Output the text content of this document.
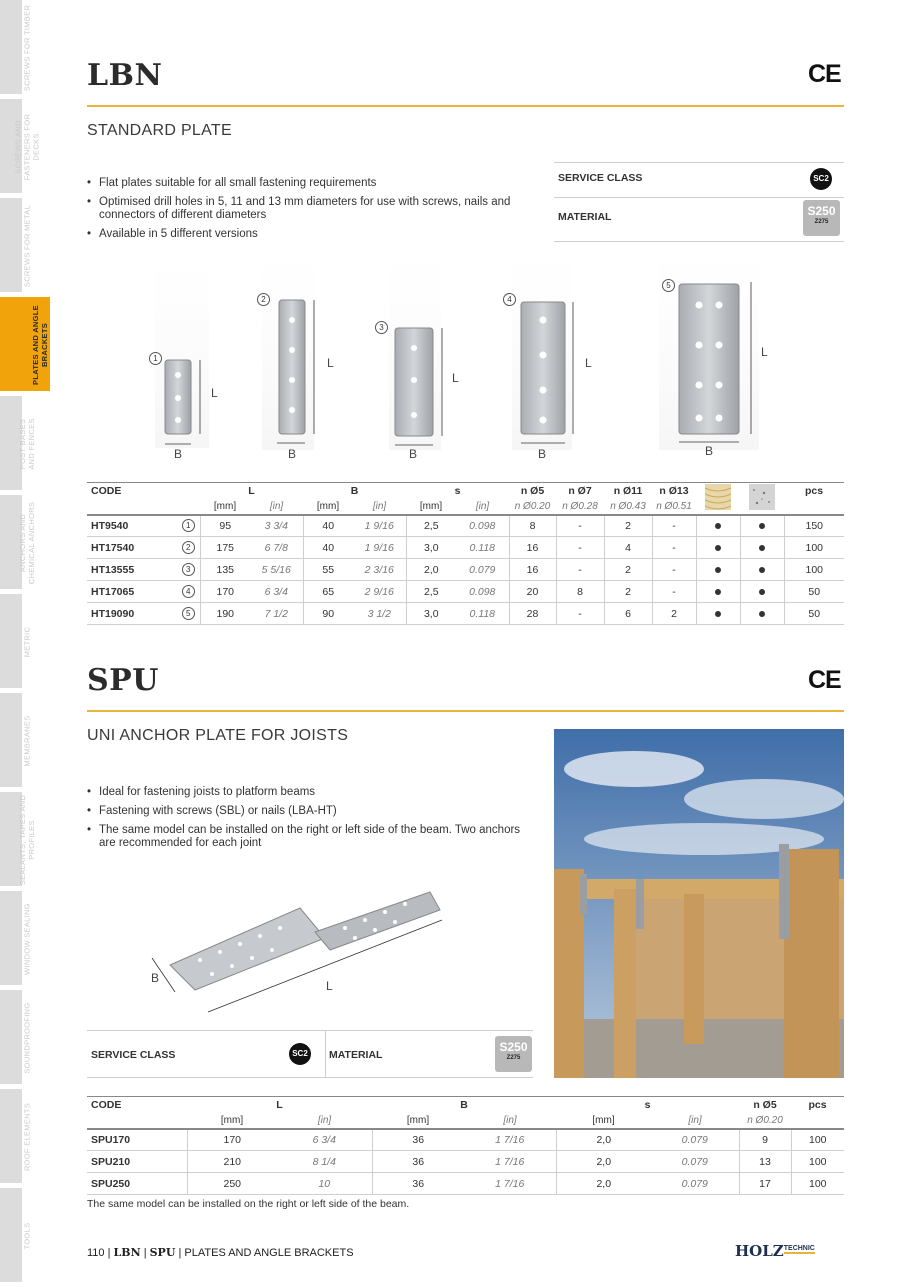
SCREWS FOR TIMBER
SCREWS AND
FASTENERS FOR DECKS
SCREWS FOR METAL
PLATES AND ANGLE
BRACKETS
POST BASES
AND FENCES
ANCHORS AND
CHEMICAL ANCHORS
METRIC
MEMBRANES
SEALANTS, TAPES AND
PROFILES
WINDOW SEALING
SOUNDPROOFING
ROOF ELEMENTS
TOOLS
LBN	CE
STANDARD PLATE
• Flat plates suitable for all small fastening requirements
• Optimised drill holes in 5, 11 and 13 mm diameters for use with screws, nails and connectors of different diameters
• Available in 5 different versions
SERVICE CLASS	SC2
MATERIAL	S250
Z275
1
L
B
2
L
B
3
L
B
4
L
B
5
L
B
CODE		L		B		s		n Ø5	n Ø7	n Ø11	n Ø13			pcs
		[mm]	[in]	[mm]	[in]	[mm]	[in]	n Ø0.20	n Ø0.28	n Ø0.43	n Ø0.51			
HT9540	1	95	3 3/4	40	1 9/16	2,5	0.098	8	-	2	-			150
HT17540	2	175	6 7/8	40	1 9/16	3,0	0.118	16	-	4	-			100
HT13555	3	135	5 5/16	55	2 3/16	2,0	0.079	16	-	2	-			100
HT17065	4	170	6 3/4	65	2 9/16	2,5	0.098	20	8	2	-			50
HT19090	5	190	7 1/2	90	3 1/2	3,0	0.118	28	-	6	2			50
SPU	CE
UNI ANCHOR PLATE FOR JOISTS
• Ideal for fastening joists to platform beams
• Fastening with screws (SBL) or nails (LBA-HT)
• The same model can be installed on the right or left side of the beam. Two anchors are recommended for each joint
B
L
SERVICE CLASS	SC2	MATERIAL
S250
Z275
CODE	L		B		s		n Ø5	pcs
	[mm]	[in]	[mm]	[in]	[mm]	[in]	n Ø0.20	
SPU170	170	6 3/4	36	1 7/16	2,0	0.079	9	100
SPU210	210	8 1/4	36	1 7/16	2,0	0.079	13	100
SPU250	250	10	36	1 7/16	2,0	0.079	17	100
The same model can be installed on the right or left side of the beam.
110 | LBN | SPU | PLATES AND ANGLE BRACKETS	$HOLZ^{TECHNIC}$
